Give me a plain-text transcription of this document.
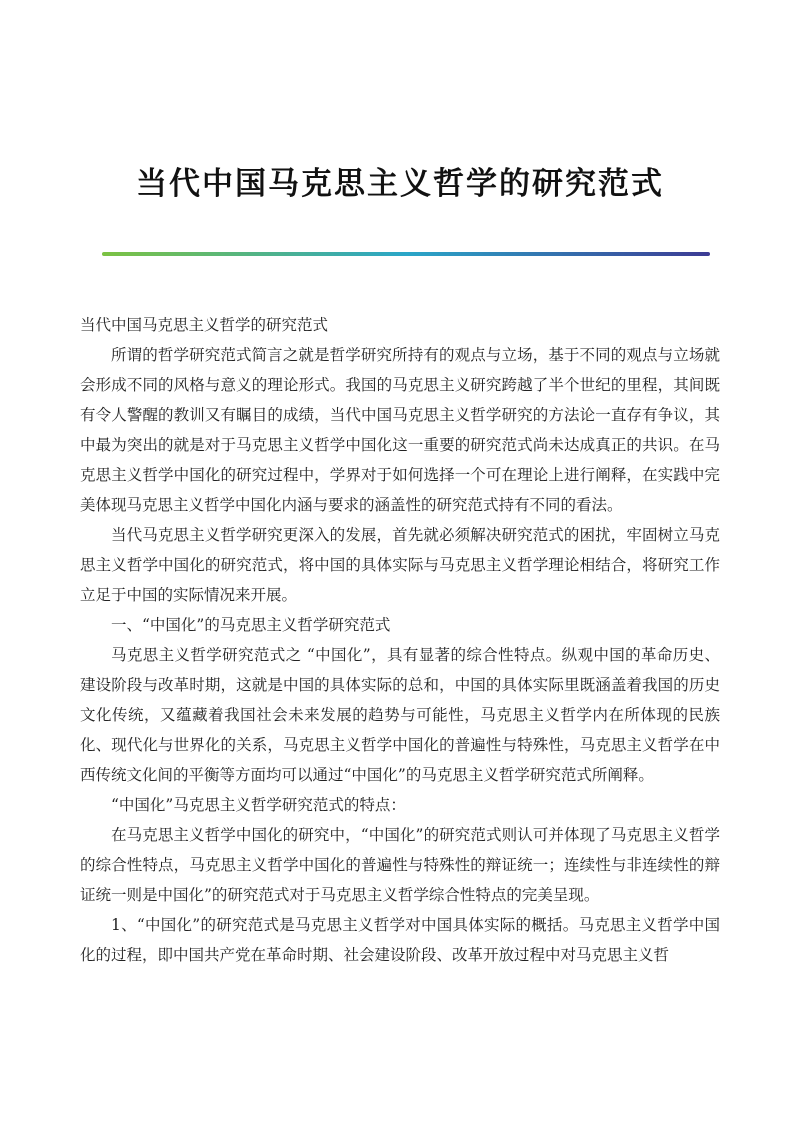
当代中国马克思主义哲学的研究范式

当代中国马克思主义哲学的研究范式

所谓的哲学研究范式简言之就是哲学研究所持有的观点与立场，基于不同的观点与立场就会形成不同的风格与意义的理论形式。我国的马克思主义研究跨越了半个世纪的里程，其间既有令人警醒的教训又有瞩目的成绩，当代中国马克思主义哲学研究的方法论一直存有争议，其中最为突出的就是对于马克思主义哲学中国化这一重要的研究范式尚未达成真正的共识。在马克思主义哲学中国化的研究过程中，学界对于如何选择一个可在理论上进行阐释，在实践中完美体现马克思主义哲学中国化内涵与要求的涵盖性的研究范式持有不同的看法。

当代马克思主义哲学研究更深入的发展，首先就必须解决研究范式的困扰，牢固树立马克思主义哲学中国化的研究范式，将中国的具体实际与马克思主义哲学理论相结合，将研究工作立足于中国的实际情况来开展。

一、“中国化”的马克思主义哲学研究范式

马克思主义哲学研究范式之 “中国化”，具有显著的综合性特点。纵观中国的革命历史、建设阶段与改革时期，这就是中国的具体实际的总和，中国的具体实际里既涵盖着我国的历史文化传统，又蕴藏着我国社会未来发展的趋势与可能性，马克思主义哲学内在所体现的民族化、现代化与世界化的关系，马克思主义哲学中国化的普遍性与特殊性，马克思主义哲学在中西传统文化间的平衡等方面均可以通过“中国化”的马克思主义哲学研究范式所阐释。

“中国化”马克思主义哲学研究范式的特点：

在马克思主义哲学中国化的研究中，“中国化”的研究范式则认可并体现了马克思主义哲学的综合性特点，马克思主义哲学中国化的普遍性与特殊性的辩证统一；连续性与非连续性的辩证统一则是中国化”的研究范式对于马克思主义哲学综合性特点的完美呈现。

1、“中国化”的研究范式是马克思主义哲学对中国具体实际的概括。马克思主义哲学中国化的过程，即中国共产党在革命时期、社会建设阶段、改革开放过程中对马克思主义哲
